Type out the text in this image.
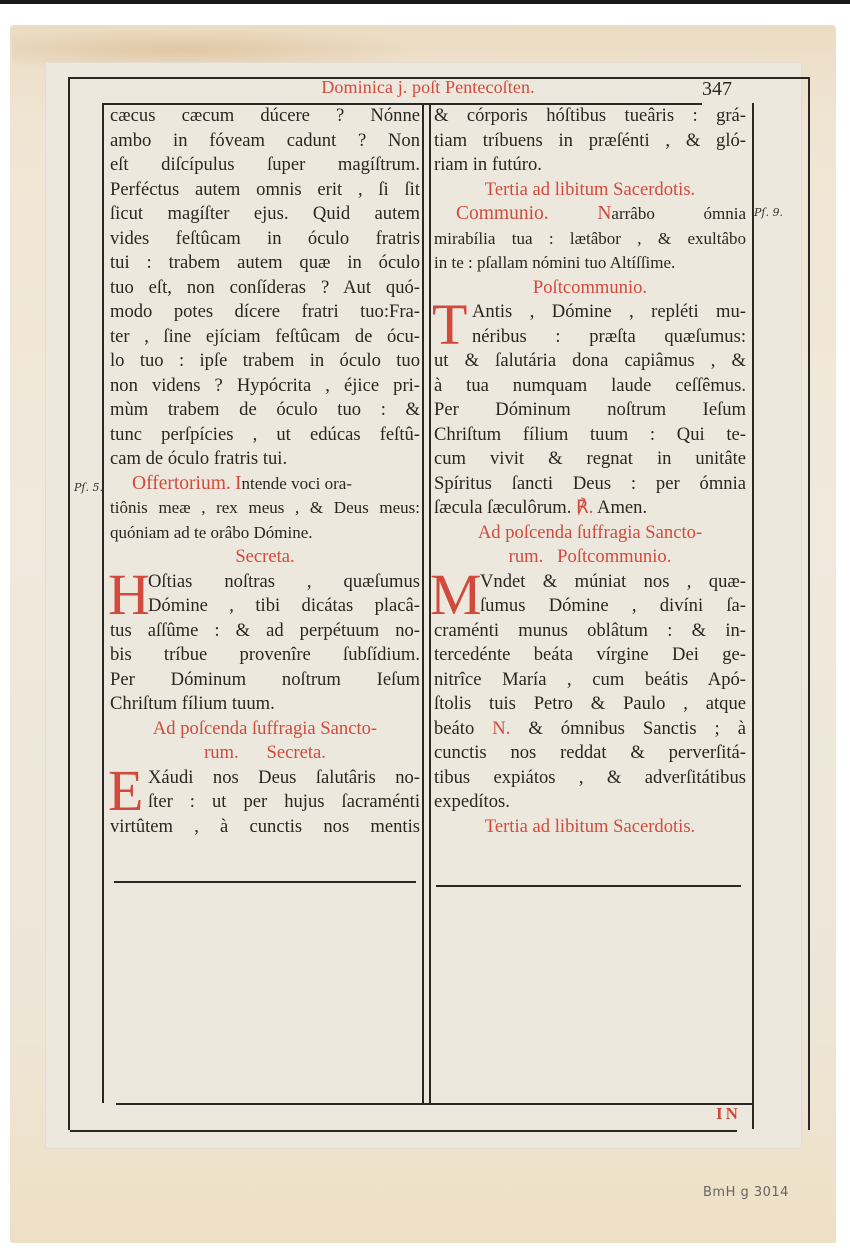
Dominica j. poſt Pentecoſten.	347
Pſ. 5.
Pſ. 9.
cæcus cæcum dúcere ? Nónne
ambo in fóveam cadunt ? Non
eſt diſcípulus ſuper magíſtrum.
Perféctus autem omnis erit , ſi ſit
ſicut magíſter ejus. Quid autem
vides feſtûcam in óculo fratris
tui : trabem autem quæ in óculo
tuo eſt, non conſíderas ? Aut quó-
modo potes dícere fratri tuo:Fra-
ter , ſine ejíciam feſtûcam de ócu-
lo tuo : ipſe trabem in óculo tuo
non videns ? Hypócrita , éjice pri-
mùm trabem de óculo tuo : &
tunc perſpícies , ut edúcas feſtû-
cam de óculo fratris tui.
Offertorium. Intende voci ora-
tiônis meæ , rex meus , & Deus meus:
quóniam ad te orâbo Dómine.
Secreta.
H
Oſtias noſtras , quæſumus
Dómine , tibi dicátas placâ-
tus aſſûme : & ad perpétuum no-
bis tríbue provenîre ſubſídium.
Per Dóminum noſtrum Ieſum
Chriſtum fílium tuum.
Ad poſcenda ſuffragia Sancto-
rum.      Secreta.
E Xáudi nos Deus ſalutâris no-
ſter : ut per hujus ſacraménti
virtûtem , à cunctis nos mentis
& córporis hóſtibus tueâris : grá-
tiam tríbuens in præſénti , & gló-
riam in futúro.
Tertia ad libitum Sacerdotis.
Communio. Narrâbo ómnia
mirabília tua : lætâbor , & exultâbo
in te : pſallam nómini tuo Altíſſime.
Poſtcommunio.
T Antis , Dómine , repléti mu-
néribus : præſta quæſumus:
ut & ſalutária dona capiâmus , &
à tua numquam laude ceſſêmus.
Per Dóminum noſtrum Ieſum
Chriſtum fílium tuum : Qui te-
cum vivit & regnat in unitâte
Spíritus ſancti Deus : per ómnia
ſæcula ſæculôrum. ℟. Amen.
Ad poſcenda ſuffragia Sancto-
rum.   Poſtcommunio.
M
Vndet & múniat nos , quæ-
ſumus Dómine , divíni ſa-
craménti munus oblâtum : & in-
tercedénte beáta vírgine Dei ge-
nitrîce María , cum beátis Apó-
ſtolis tuis Petro & Paulo , atque
beáto N. & ómnibus Sanctis ; à
cunctis nos reddat & perverſitá-
tibus expiátos , & adverſitátibus
expedítos.
Tertia ad libitum Sacerdotis.
IN
BmH g 3014
